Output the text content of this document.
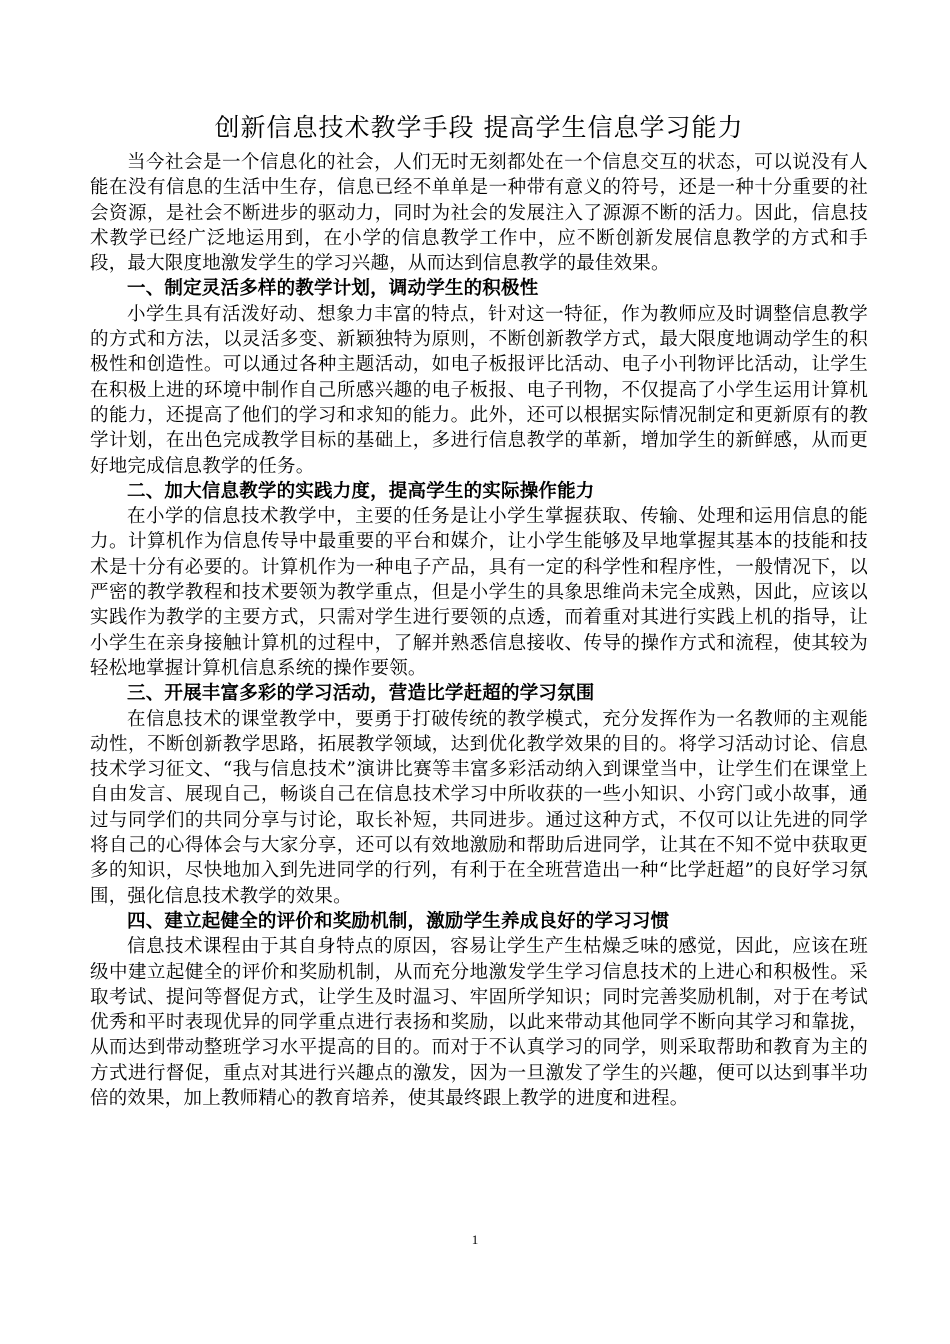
创新信息技术教学手段 提高学生信息学习能力

当今社会是一个信息化的社会，人们无时无刻都处在一个信息交互的状态，可以说没有人能在没有信息的生活中生存，信息已经不单单是一种带有意义的符号，还是一种十分重要的社会资源，是社会不断进步的驱动力，同时为社会的发展注入了源源不断的活力。因此，信息技术教学已经广泛地运用到，在小学的信息教学工作中，应不断创新发展信息教学的方式和手段，最大限度地激发学生的学习兴趣，从而达到信息教学的最佳效果。

一、制定灵活多样的教学计划，调动学生的积极性

小学生具有活泼好动、想象力丰富的特点，针对这一特征，作为教师应及时调整信息教学的方式和方法，以灵活多变、新颖独特为原则，不断创新教学方式，最大限度地调动学生的积极性和创造性。可以通过各种主题活动，如电子板报评比活动、电子小刊物评比活动，让学生在积极上进的环境中制作自己所感兴趣的电子板报、电子刊物，不仅提高了小学生运用计算机的能力，还提高了他们的学习和求知的能力。此外，还可以根据实际情况制定和更新原有的教学计划，在出色完成教学目标的基础上，多进行信息教学的革新，增加学生的新鲜感，从而更好地完成信息教学的任务。

二、加大信息教学的实践力度，提高学生的实际操作能力

在小学的信息技术教学中，主要的任务是让小学生掌握获取、传输、处理和运用信息的能力。计算机作为信息传导中最重要的平台和媒介，让小学生能够及早地掌握其基本的技能和技术是十分有必要的。计算机作为一种电子产品，具有一定的科学性和程序性，一般情况下，以严密的教学教程和技术要领为教学重点，但是小学生的具象思维尚未完全成熟，因此，应该以实践作为教学的主要方式，只需对学生进行要领的点透，而着重对其进行实践上机的指导，让小学生在亲身接触计算机的过程中，了解并熟悉信息接收、传导的操作方式和流程，使其较为轻松地掌握计算机信息系统的操作要领。

三、开展丰富多彩的学习活动，营造比学赶超的学习氛围

在信息技术的课堂教学中，要勇于打破传统的教学模式，充分发挥作为一名教师的主观能动性，不断创新教学思路，拓展教学领域，达到优化教学效果的目的。将学习活动讨论、信息技术学习征文、“我与信息技术”演讲比赛等丰富多彩活动纳入到课堂当中，让学生们在课堂上自由发言、展现自己，畅谈自己在信息技术学习中所收获的一些小知识、小窍门或小故事，通过与同学们的共同分享与讨论，取长补短，共同进步。通过这种方式，不仅可以让先进的同学将自己的心得体会与大家分享，还可以有效地激励和帮助后进同学，让其在不知不觉中获取更多的知识，尽快地加入到先进同学的行列，有利于在全班营造出一种“比学赶超”的良好学习氛围，强化信息技术教学的效果。

四、建立起健全的评价和奖励机制，激励学生养成良好的学习习惯

信息技术课程由于其自身特点的原因，容易让学生产生枯燥乏味的感觉，因此，应该在班级中建立起健全的评价和奖励机制，从而充分地激发学生学习信息技术的上进心和积极性。采取考试、提问等督促方式，让学生及时温习、牢固所学知识；同时完善奖励机制，对于在考试优秀和平时表现优异的同学重点进行表扬和奖励，以此来带动其他同学不断向其学习和靠拢，从而达到带动整班学习水平提高的目的。而对于不认真学习的同学，则采取帮助和教育为主的方式进行督促，重点对其进行兴趣点的激发，因为一旦激发了学生的兴趣，便可以达到事半功倍的效果，加上教师精心的教育培养，使其最终跟上教学的进度和进程。

1
